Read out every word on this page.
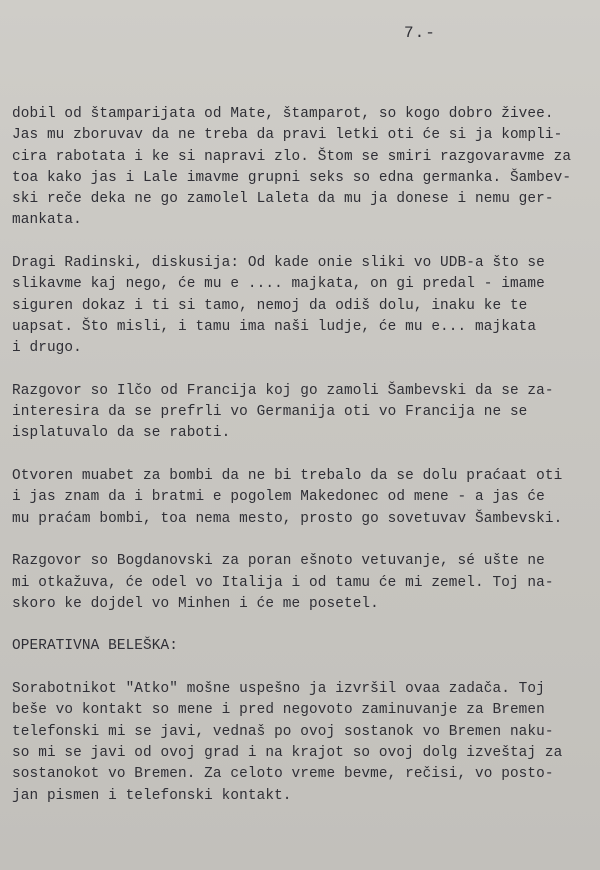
7.-

dobil od štamparijata od Mate, štamparot, so kogo dobro živee.
Jas mu zboruvav da ne treba da pravi letki oti će si ja kompli-
cira rabotata i ke si napravi zlo. Štom se smiri razgovaravme za
toa kako jas i Lale imavme grupni seks so edna germanka. Šambev-
ski reče deka ne go zamolel Laleta da mu ja donese i nemu ger-
mankata.

Dragi Radinski, diskusija: Od kade onie sliki vo UDB-a što se
slikavme kaj nego, će mu e .... majkata, on gi predal - imame
siguren dokaz i ti si tamo, nemoj da odiš dolu, inaku ke te
uapsat. Što misli, i tamu ima naši ludje, će mu e... majkata
i drugo.

Razgovor so Ilčo od Francija koj go zamoli Šambevski da se za-
interesira da se prefrli vo Germanija oti vo Francija ne se
isplatuvalo da se raboti.

Otvoren muabet za bombi da ne bi trebalo da se dolu praćaat oti
i jas znam da i bratmi e pogolem Makedonec od mene - a jas će
mu praćam bombi, toa nema mesto, prosto go sovetuvav Šambevski.

Razgovor so Bogdanovski za poran ešnoto vetuvanje, sé ušte ne
mi otkažuva, će odel vo Italija i od tamu će mi zemel. Toj na-
skoro ke dojdel vo Minhen i će me posetel.

OPERATIVNA BELEŠKA:

Sorabotnikot "Atko" mošne uspešno ja izvršil ovaa zadača. Toj
beše vo kontakt so mene i pred negovoto zaminuvanje za Bremen
telefonski mi se javi, vednaš po ovoj sostanok vo Bremen naku-
so mi se javi od ovoj grad i na krajot so ovoj dolg izveštaj za
sostanokot vo Bremen. Za celoto vreme bevme, rečisi, vo posto-
jan pismen i telefonski kontakt.
